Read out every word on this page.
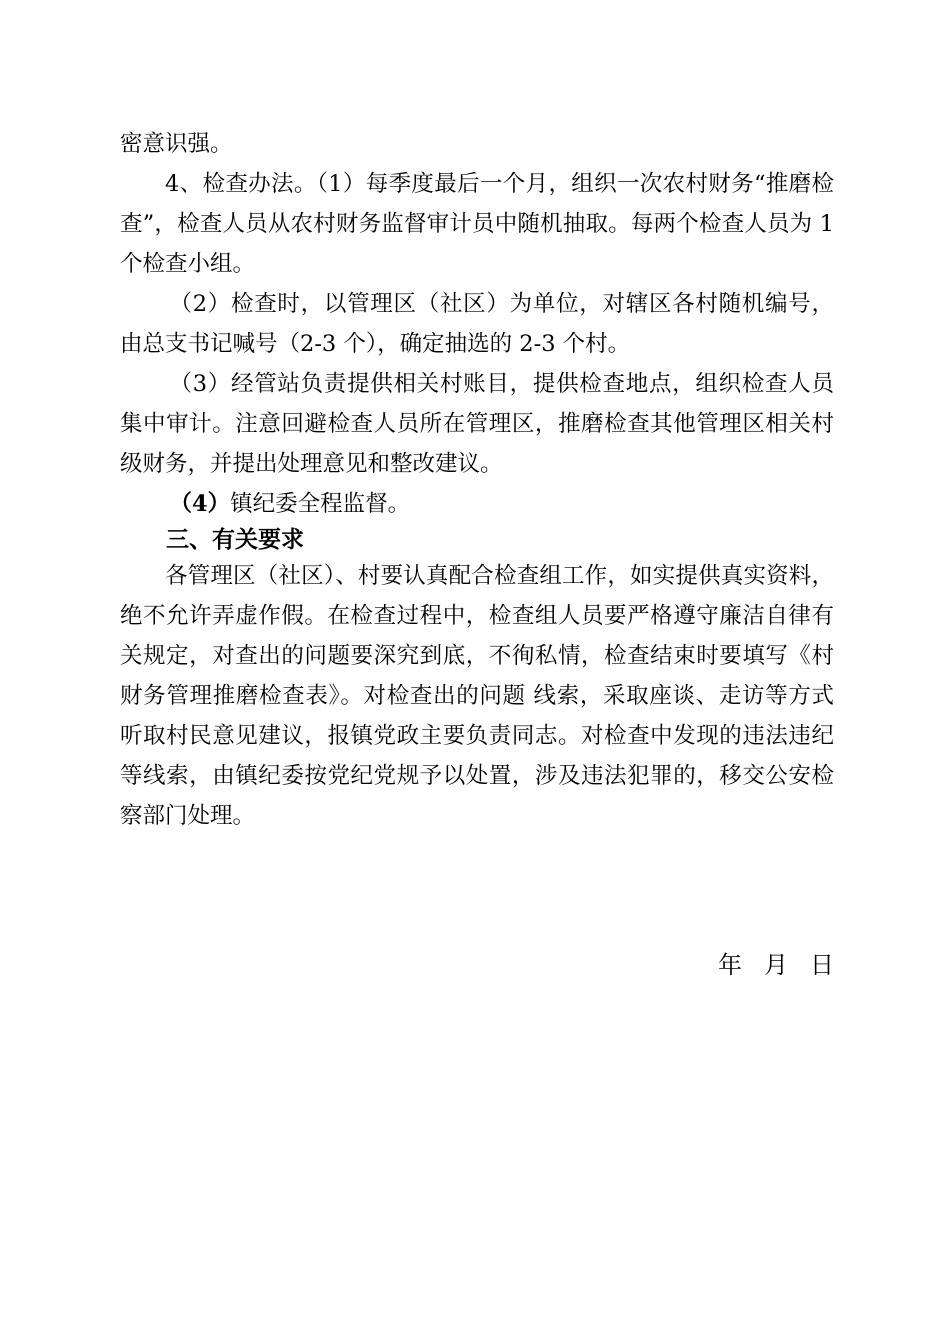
密意识强。

4、检查办法。（1）每季度最后一个月，组织一次农村财务“推磨检查”，检查人员从农村财务监督审计员中随机抽取。每两个检查人员为 1 个检查小组。

（2）检查时，以管理区（社区）为单位，对辖区各村随机编号，由总支书记喊号（2-3 个），确定抽选的 2-3 个村。

（3）经管站负责提供相关村账目，提供检查地点，组织检查人员集中审计。注意回避检查人员所在管理区，推磨检查其他管理区相关村级财务，并提出处理意见和整改建议。

（4）镇纪委全程监督。

三、有关要求

各管理区（社区）、村要认真配合检查组工作，如实提供真实资料，绝不允许弄虚作假。在检查过程中，检查组人员要严格遵守廉洁自律有关规定，对查出的问题要深究到底，不徇私情，检查结束时要填写《村财务管理推磨检查表》。对检查出的问题 线索，采取座谈、走访等方式听取村民意见建议，报镇党政主要负责同志。对检查中发现的违法违纪等线索，由镇纪委按党纪党规予以处置，涉及违法犯罪的，移交公安检察部门处理。

年 月 日
